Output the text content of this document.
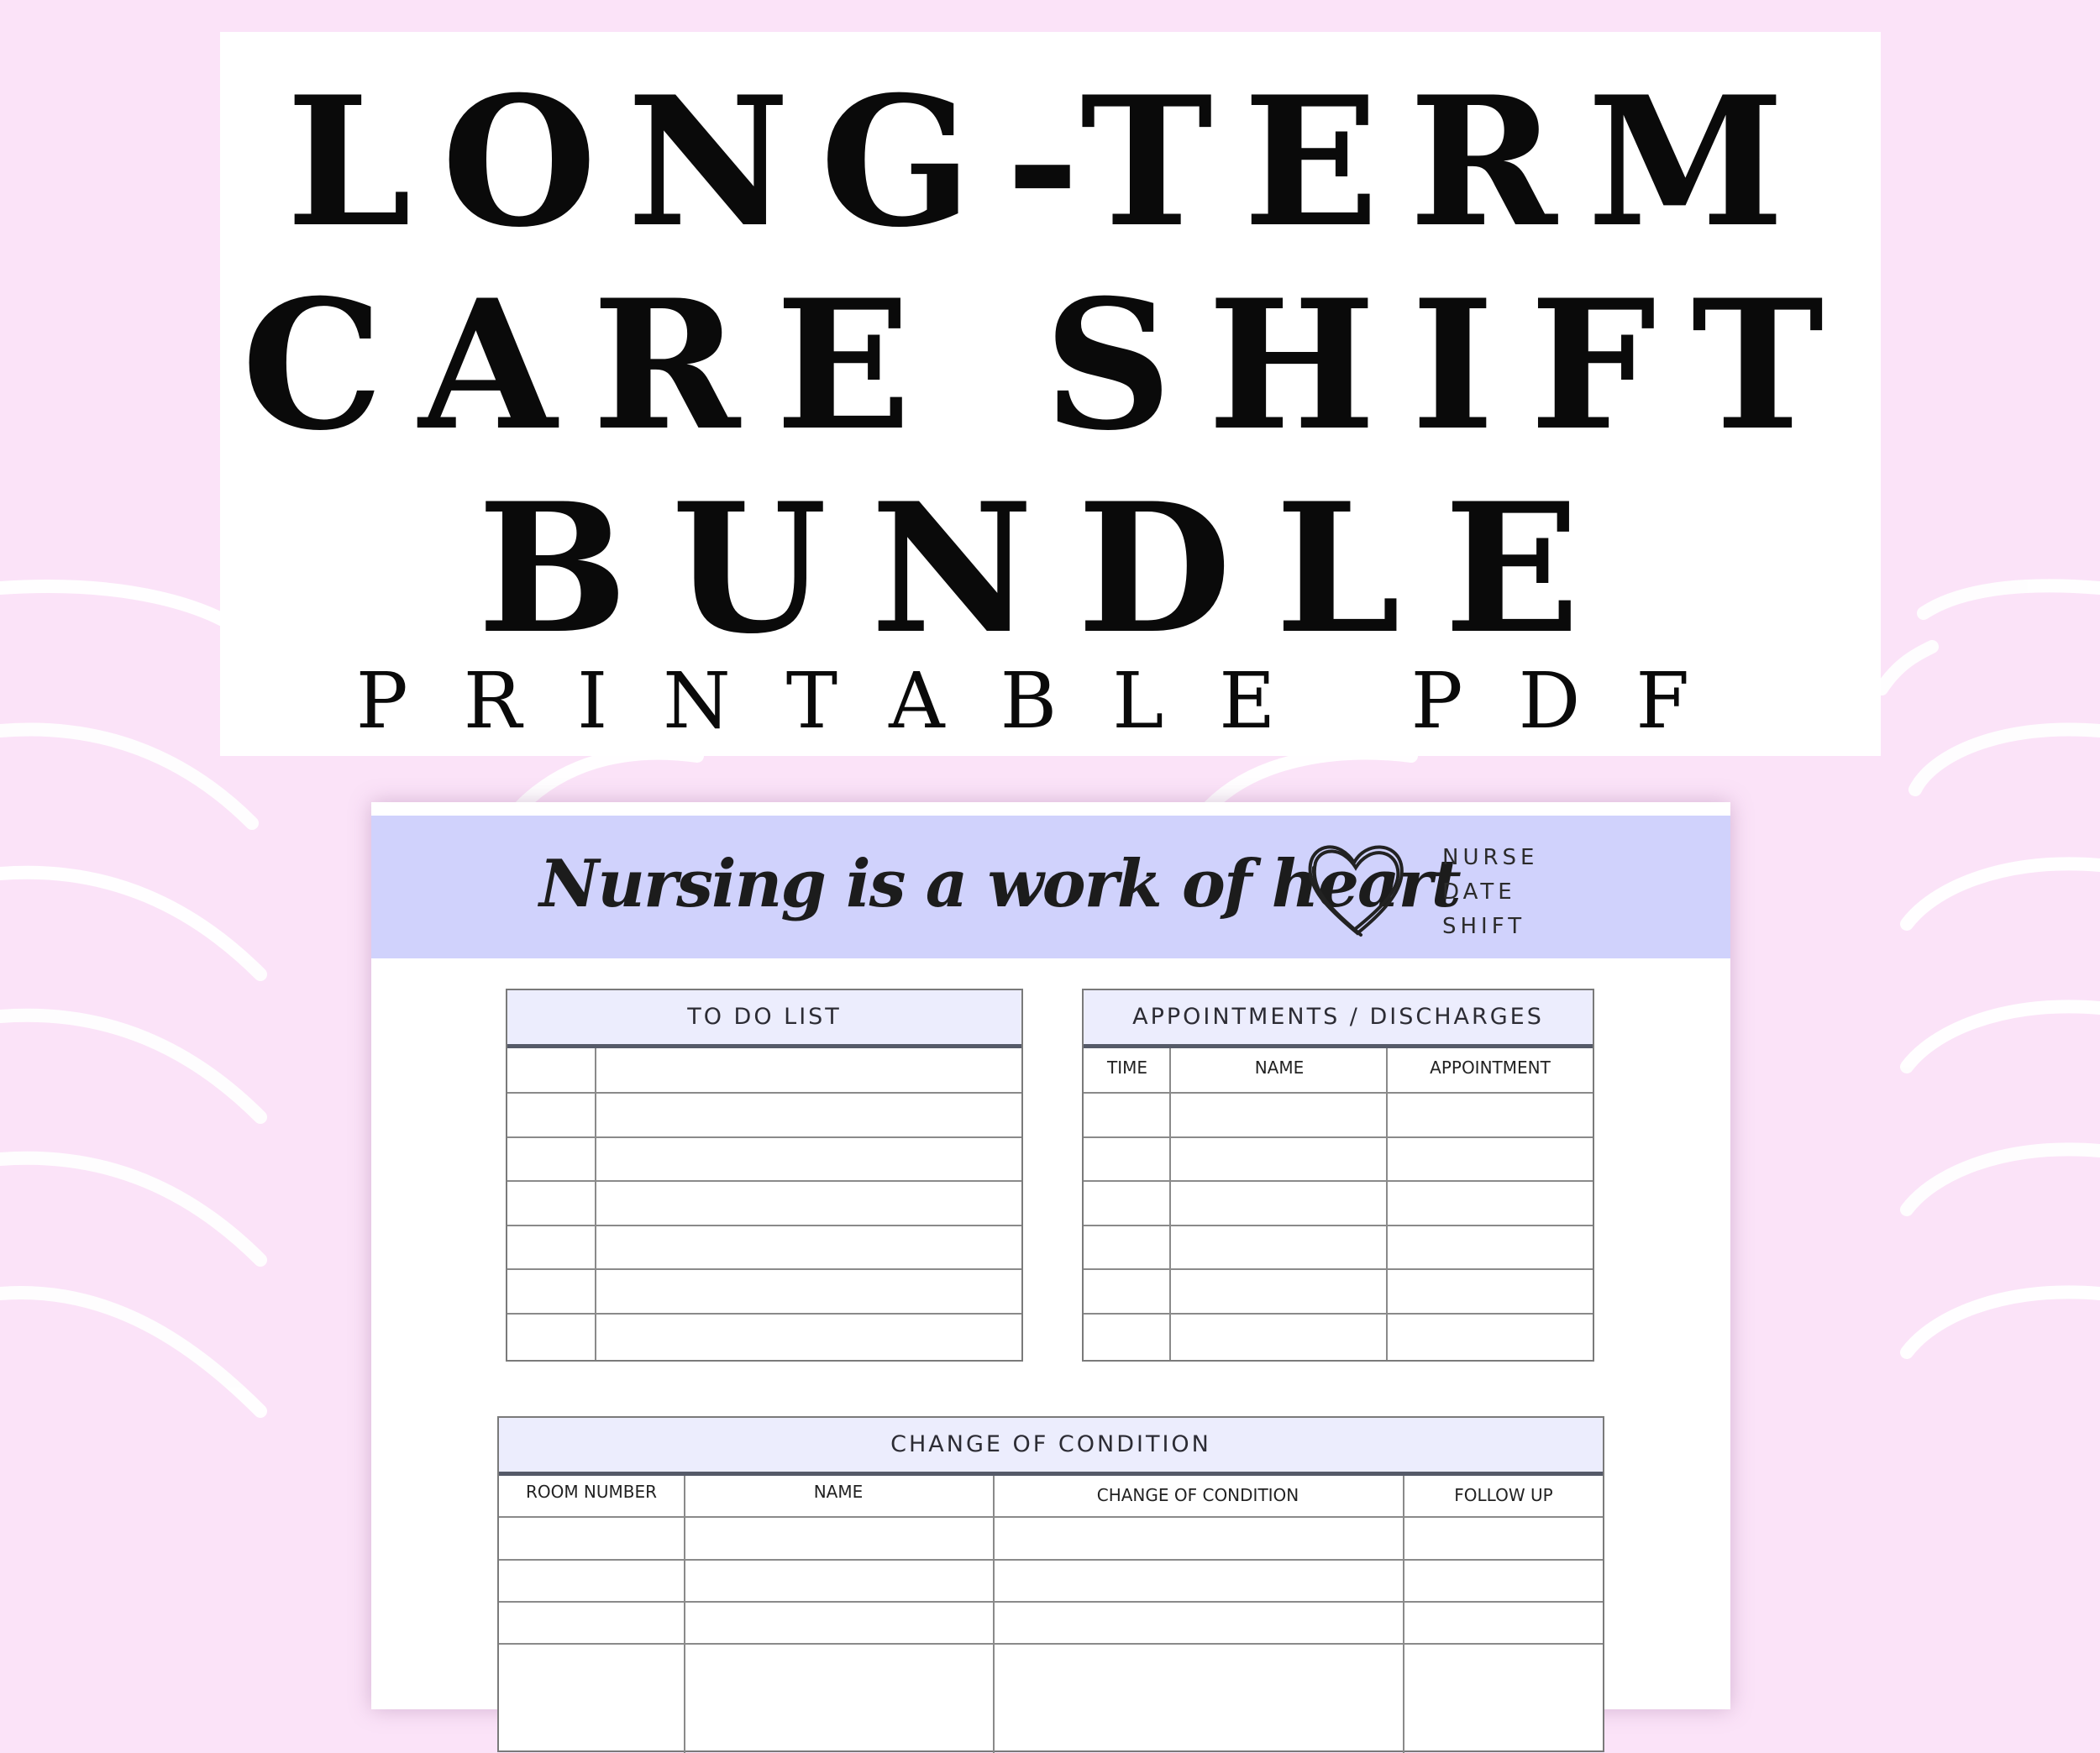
LONG-TERM
CARE SHIFT
BUNDLE
PRINTABLE PDF
Nursing is a work of heart
NURSE
DATE
SHIFT
TO DO LIST	APPOINTMENTS / DISCHARGES
TIME	NAME	APPOINTMENT
CHANGE OF CONDITION
ROOM NUMBER	NAME	CHANGE OF CONDITION	FOLLOW UP
